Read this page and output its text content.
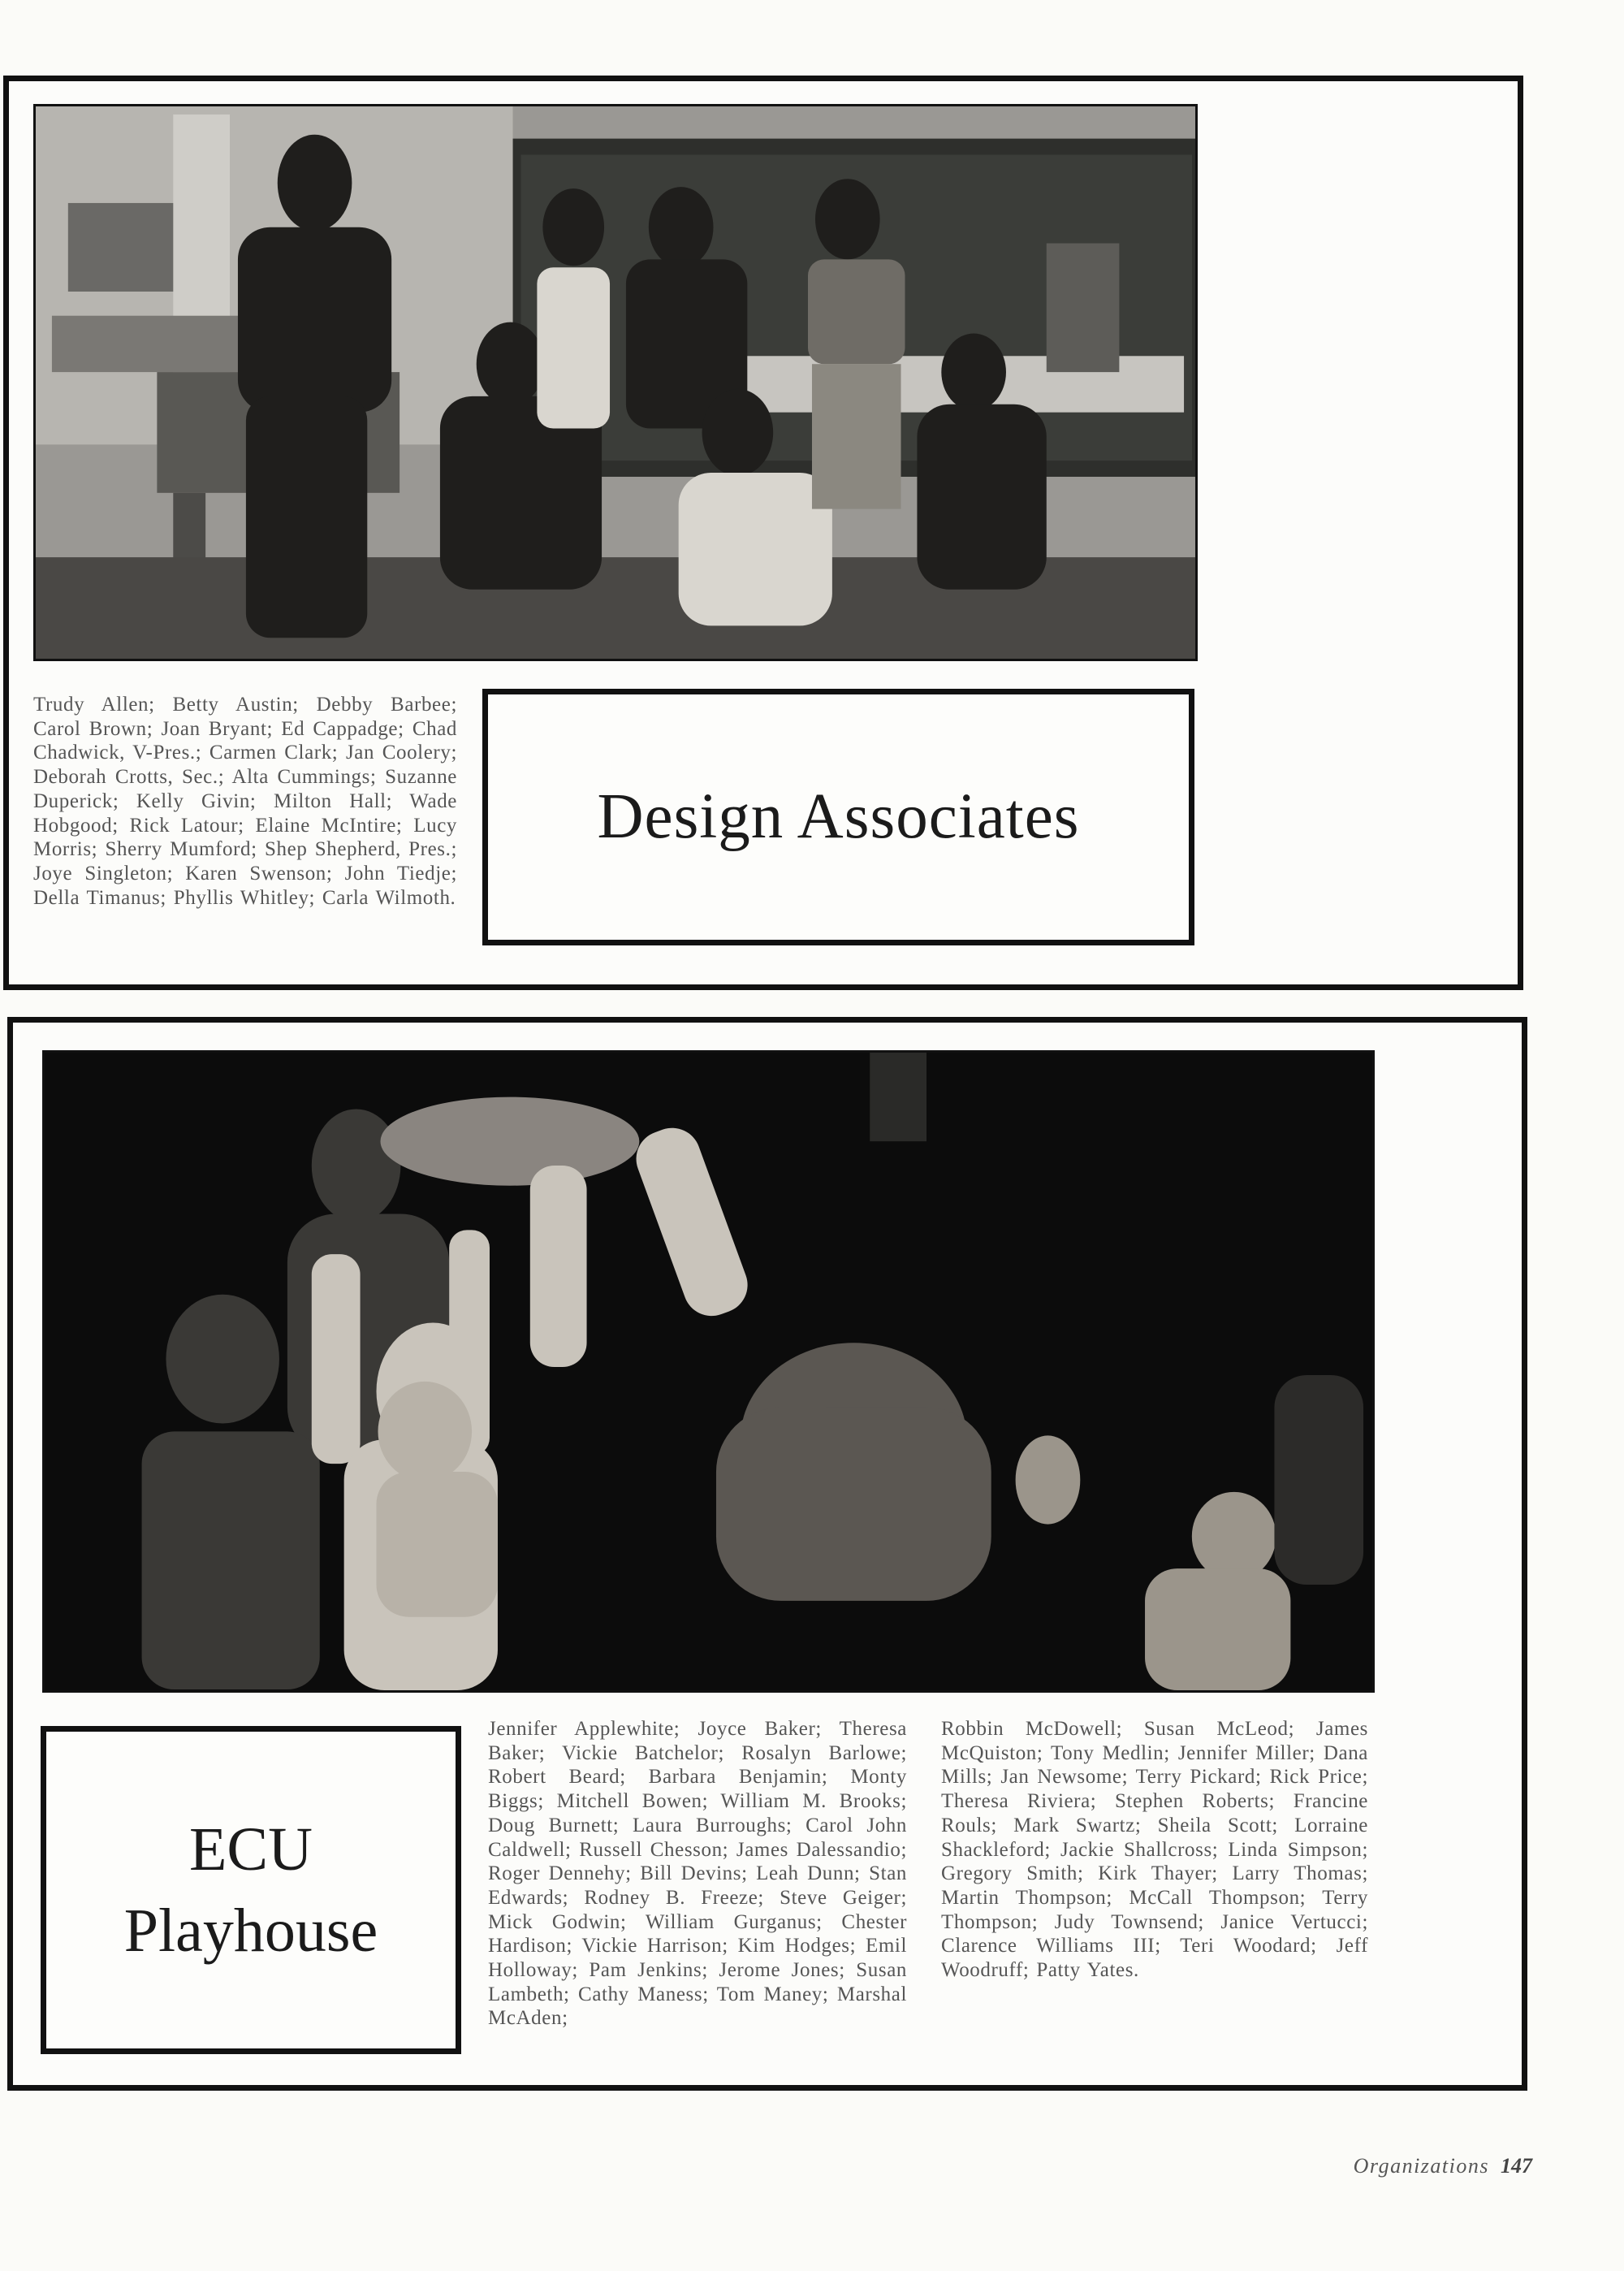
Trudy Allen; Betty Austin; Debby Barbee; Carol Brown; Joan Bryant; Ed Cappadge; Chad Chadwick, V-Pres.; Carmen Clark; Jan Coolery; Deborah Crotts, Sec.; Alta Cummings; Suzanne Duperick; Kelly Givin; Milton Hall; Wade Hobgood; Rick Latour; Elaine McIntire; Lucy Morris; Sherry Mumford; Shep Shepherd, Pres.; Joye Singleton; Karen Swenson; John Tiedje; Della Timanus; Phyllis Whitley; Carla Wilmoth.
Design Associates
ECU
Playhouse
Jennifer Applewhite; Joyce Baker; Theresa Baker; Vickie Batchelor; Rosalyn Barlowe; Robert Beard; Barbara Benjamin; Monty Biggs; Mitchell Bowen; William M. Brooks; Doug Burnett; Laura Burroughs; Carol John Caldwell; Russell Chesson; James Dalessandio; Roger Dennehy; Bill Devins; Leah Dunn; Stan Edwards; Rodney B. Freeze; Steve Geiger; Mick Godwin; William Gurganus; Chester Hardison; Vickie Harrison; Kim Hodges; Emil Holloway; Pam Jenkins; Jerome Jones; Susan Lambeth; Cathy Maness; Tom Maney; Marshal McAden;
Robbin McDowell; Susan McLeod; James McQuiston; Tony Medlin; Jennifer Miller; Dana Mills; Jan Newsome; Terry Pickard; Rick Price; Theresa Riviera; Stephen Roberts; Francine Rouls; Mark Swartz; Sheila Scott; Lorraine Shackleford; Jackie Shallcross; Linda Simpson; Gregory Smith; Kirk Thayer; Larry Thomas; Martin Thompson; McCall Thompson; Terry Thompson; Judy Townsend; Janice Vertucci; Clarence Williams III; Teri Woodard; Jeff Woodruff; Patty Yates.
Organizations 147
